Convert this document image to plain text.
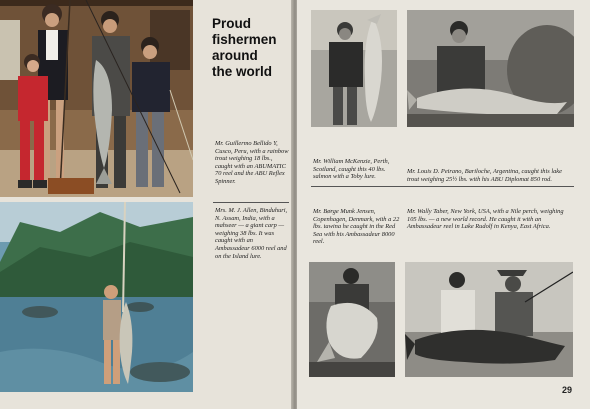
Proud
fishermen
around
the world
Mr. Guillermo Bellido Y, Cusco, Peru, with a rainbow trout weighing 18 lbs., caught with an ABUMATIC 70 reel and the ABU Reflex Spinner.
Mrs. M. J. Allen, Binduhuri, N. Assam, India, with a mahseer — a giant carp — weighing 38 lbs. It was caught with an Ambassadeur 6000 reel and on the Island lure.
Mr. William McKenzie, Perth, Scotland, caught this 40 lbs. salmon with a Toby lure.
Mr. Louis D. Peirano, Bariloche, Argentina, caught this lake trout weighing 25½ lbs. with his ABU Diplomat 850 rod.
Mr. Børge Munk Jensen, Copenhagen, Denmark, with a 22 lbs. tawina he caught in the Red Sea with his Ambassadeur 8000 reel.
Mr. Wally Taber, New York, USA, with a Nile perch, weighing 105 lbs. — a new world record. He caught it with an Ambassadeur reel in Lake Rudolf in Kenya, East Africa.
29
